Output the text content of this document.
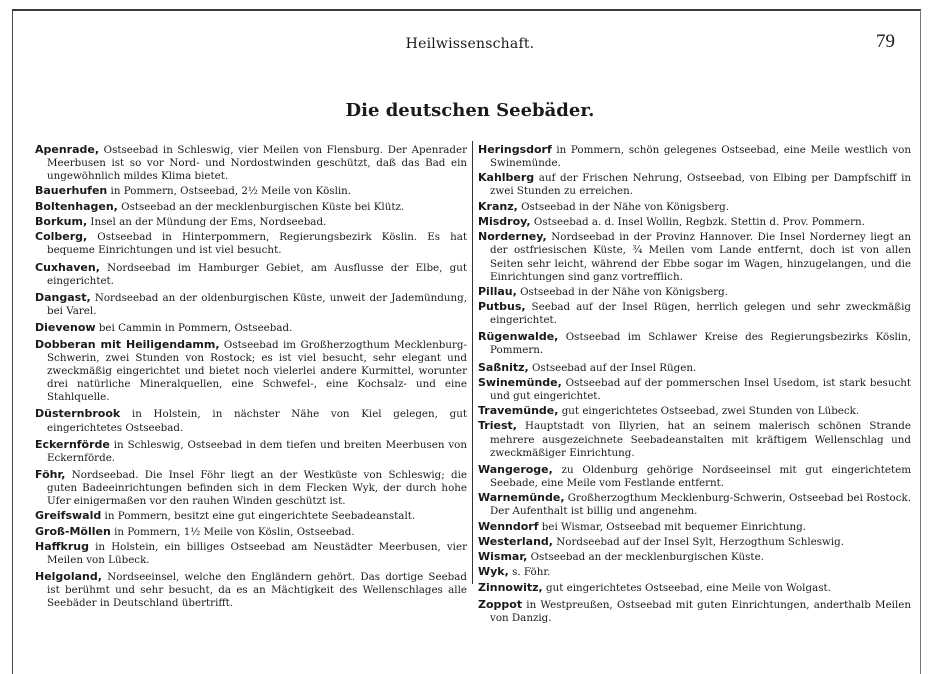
Heilwissenschaft.	79
Die deutschen Seebäder.

Apenrade, Ostseebad in Schleswig, vier Meilen von Flensburg. Der Apenrader Meerbusen ist so vor Nord- und Nordostwinden geschützt, daß das Bad ein ungewöhnlich mildes Klima bietet.

Bauerhufen in Pommern, Ostseebad, 2½ Meile von Köslin.

Boltenhagen, Ostseebad an der mecklenburgischen Küste bei Klütz.

Borkum, Insel an der Mündung der Ems, Nordseebad.

Colberg, Ostseebad in Hinterpommern, Regierungsbezirk Köslin. Es hat bequeme Einrichtungen und ist viel besucht.

Cuxhaven, Nordseebad im Hamburger Gebiet, am Ausflusse der Elbe, gut eingerichtet.

Dangast, Nordseebad an der oldenburgischen Küste, unweit der Jademündung, bei Varel.

Dievenow bei Cammin in Pommern, Ostseebad.

Dobberan mit Heiligendamm, Ostseebad im Großherzogthum Mecklenburg-Schwerin, zwei Stunden von Rostock; es ist viel besucht, sehr elegant und zweckmäßig eingerichtet und bietet noch vielerlei andere Kurmittel, worunter drei natürliche Mineralquellen, eine Schwefel-, eine Kochsalz- und eine Stahlquelle.

Düsternbrook in Holstein, in nächster Nähe von Kiel gelegen, gut eingerichtetes Ostseebad.

Eckernförde in Schleswig, Ostseebad in dem tiefen und breiten Meerbusen von Eckernförde.

Föhr, Nordseebad. Die Insel Föhr liegt an der Westküste von Schleswig; die guten Badeeinrichtungen befinden sich in dem Flecken Wyk, der durch hohe Ufer einigermaßen vor den rauhen Winden geschützt ist.

Greifswald in Pommern, besitzt eine gut eingerichtete Seebadeanstalt.

Groß-Möllen in Pommern, 1½ Meile von Köslin, Ostseebad.

Haffkrug in Holstein, ein billiges Ostseebad am Neustädter Meerbusen, vier Meilen von Lübeck.

Helgoland, Nordseeinsel, welche den Engländern gehört. Das dortige Seebad ist berühmt und sehr besucht, da es an Mächtigkeit des Wellenschlages alle Seebäder in Deutschland übertrifft.

Heringsdorf in Pommern, schön gelegenes Ostseebad, eine Meile westlich von Swinemünde.

Kahlberg auf der Frischen Nehrung, Ostseebad, von Elbing per Dampfschiff in zwei Stunden zu erreichen.

Kranz, Ostseebad in der Nähe von Königsberg.

Misdroy, Ostseebad a. d. Insel Wollin, Regbzk. Stettin d. Prov. Pommern.

Norderney, Nordseebad in der Provinz Hannover. Die Insel Norderney liegt an der ostfriesischen Küste, ¾ Meilen vom Lande entfernt, doch ist von allen Seiten sehr leicht, während der Ebbe sogar im Wagen, hinzugelangen, und die Einrichtungen sind ganz vortrefflich.

Pillau, Ostseebad in der Nähe von Königsberg.

Putbus, Seebad auf der Insel Rügen, herrlich gelegen und sehr zweckmäßig eingerichtet.

Rügenwalde, Ostseebad im Schlawer Kreise des Regierungsbezirks Köslin, Pommern.

Saßnitz, Ostseebad auf der Insel Rügen.

Swinemünde, Ostseebad auf der pommerschen Insel Usedom, ist stark besucht und gut eingerichtet.

Travemünde, gut eingerichtetes Ostseebad, zwei Stunden von Lübeck.

Triest, Hauptstadt von Illyrien, hat an seinem malerisch schönen Strande mehrere ausgezeichnete Seebadeanstalten mit kräftigem Wellenschlag und zweckmäßiger Einrichtung.

Wangeroge, zu Oldenburg gehörige Nordseeinsel mit gut eingerichtetem Seebade, eine Meile vom Festlande entfernt.

Warnemünde, Großherzogthum Mecklenburg-Schwerin, Ostseebad bei Rostock. Der Aufenthalt ist billig und angenehm.

Wenndorf bei Wismar, Ostseebad mit bequemer Einrichtung.

Westerland, Nordseebad auf der Insel Sylt, Herzogthum Schleswig.

Wismar, Ostseebad an der mecklenburgischen Küste.

Wyk, s. Föhr.

Zinnowitz, gut eingerichtetes Ostseebad, eine Meile von Wolgast.

Zoppot in Westpreußen, Ostseebad mit guten Einrichtungen, anderthalb Meilen von Danzig.
